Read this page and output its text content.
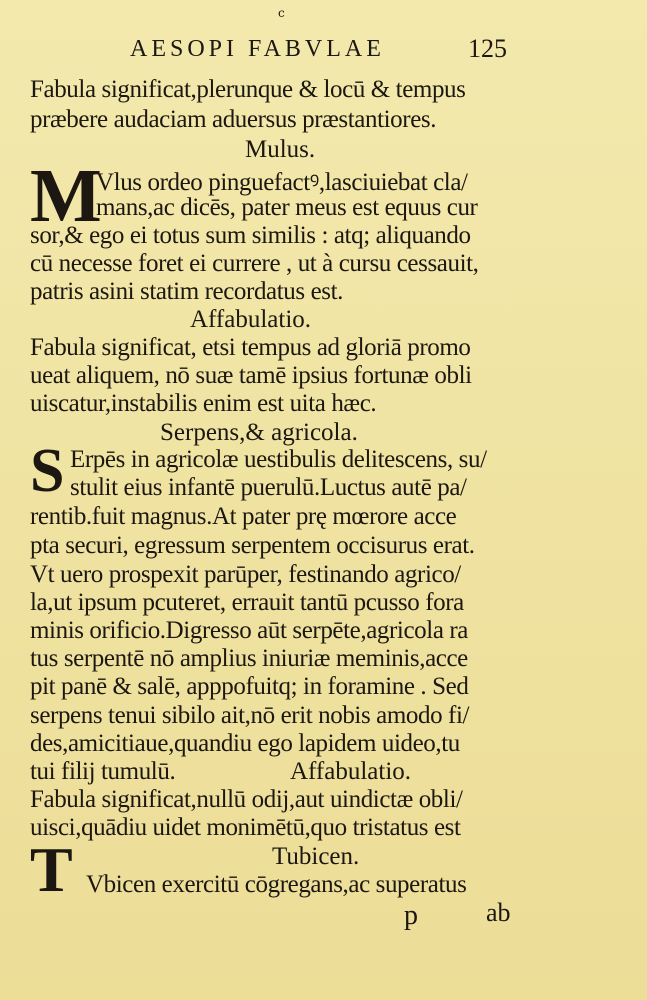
c
AESOPI FABVLAE	125
Fabula significat,plerunque & locū & tempus
præbere audaciam aduersus præstantiores.
Mulus.
M
Vlus ordeo pinguefactꝰ,lasciuiebat cla/
mans,ac dicēs, pater meus est equus cur
sor,& ego ei totus sum similis : atq; aliquando
cū necesse foret ei currere , ut à cursu cessauit,
patris asini statim recordatus est.
Affabulatio.
Fabula significat, etsi tempus ad gloriā promo
ueat aliquem, nō suæ tamē ipsius fortunæ obli
uiscatur,instabilis enim est uita hæc.
Serpens,& agricola.
S Erpēs in agricolæ uestibulis delitescens, su/
stulit eius infantē puerulū.Luctus autē pa/
rentib.fuit magnus.At pater prę mœrore acce
pta securi, egressum serpentem occisurus erat.
Vt uero prospexit parūper, festinando agrico/
la,ut ipsum pcuteret, errauit tantū pcusso fora
minis orificio.Digresso aūt serpēte,agricola ra
tus serpentē nō amplius iniuriæ meminis,acce
pit panē & salē, apppofuitq; in foramine . Sed
serpens tenui sibilo ait,nō erit nobis amodo fi/
des,amicitiaue,quandiu ego lapidem uideo,tu
tui filij tumulū.	Affabulatio.
Fabula significat,nullū odij,aut uindictæ obli/
uisci,quādiu uidet monimētū,quo tristatus est
Tubicen.
T Vbicen exercitū cōgregans,ac superatus
p	ab
